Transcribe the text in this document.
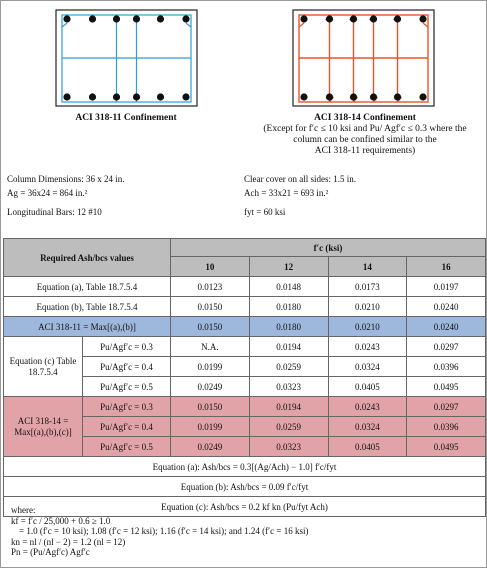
ACI 318-11 Confinement	ACI 318-14 Confinement
(Except for f′c ≤ 10 ksi and Pu/ Agf′c ≤ 0.3 where the
column can be confined similar to the
ACI 318-11 requirements)
Column Dimensions: 36 x 24 in.
Ag = 36x24 = 864 in.²
Longitudinal Bars: 12 #10
Clear cover on all sides: 1.5 in.
Ach = 33x21 = 693 in.²
fyt = 60 ksi
Required Ash/bcs values		f′c (ksi)			
		10	12	14	16
Equation (a), Table 18.7.5.4		0.0123	0.0148	0.0173	0.0197
Equation (b), Table 18.7.5.4		0.0150	0.0180	0.0210	0.0240
ACI 318-11 = Max[(a),(b)]		0.0150	0.0180	0.0210	0.0240
Equation (c) Table 18.7.5.4	Pu/Agf′c = 0.3	N.A.	0.0194	0.0243	0.0297
	Pu/Agf′c = 0.4	0.0199	0.0259	0.0324	0.0396
	Pu/Agf′c = 0.5	0.0249	0.0323	0.0405	0.0495
ACI 318-14 = Max[(a),(b),(c)]	Pu/Agf′c = 0.3	0.0150	0.0194	0.0243	0.0297
	Pu/Agf′c = 0.4	0.0199	0.0259	0.0324	0.0396
	Pu/Agf′c = 0.5	0.0249	0.0323	0.0405	0.0495
Equation (a): Ash/bcs = 0.3[(Ag/Ach) − 1.0] f′c/fyt					
Equation (b): Ash/bcs = 0.09 f′c/fyt					
Equation (c): Ash/bcs = 0.2 kf kn (Pu/fyt Ach)					
where:
kf = f′c / 25,000 + 0.6 ≥ 1.0
= 1.0 (f′c = 10 ksi); 1.08 (f′c = 12 ksi); 1.16 (f′c = 14 ksi); and 1.24 (f′c = 16 ksi)
kn = nl / (nl − 2) = 1.2 (nl = 12)
Pn = (Pu/Agf′c) Agf′c
